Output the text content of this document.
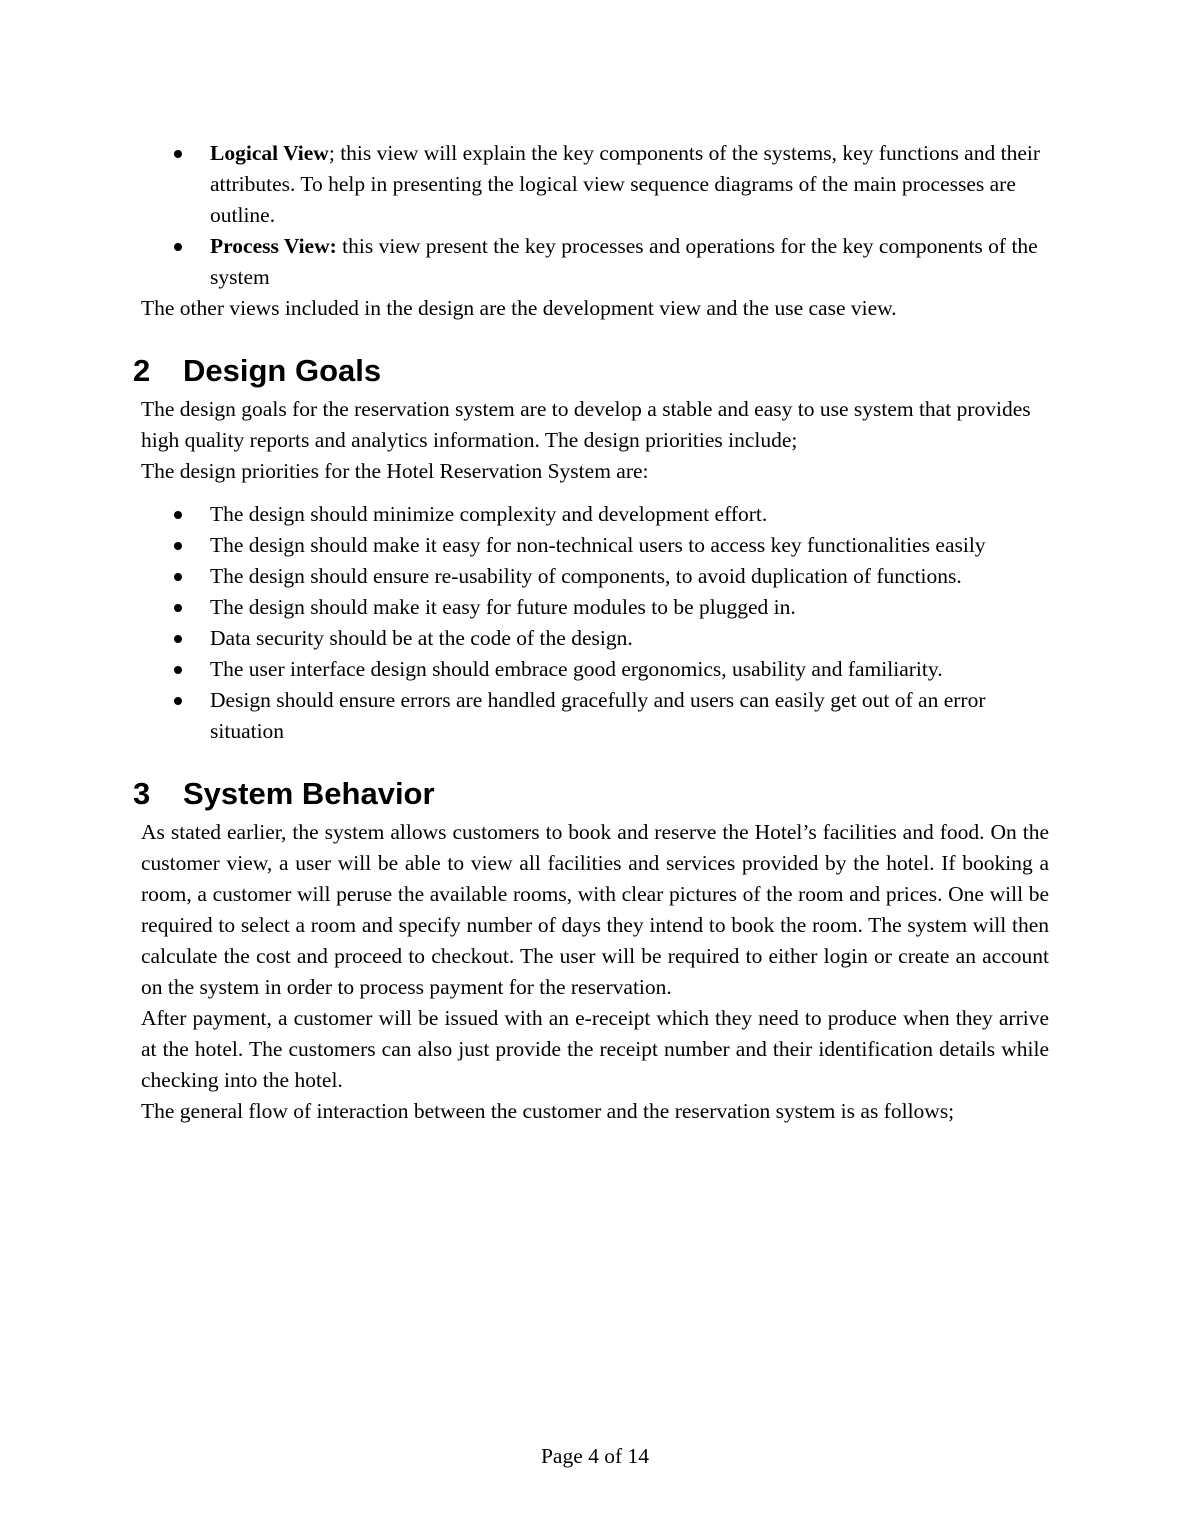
Logical View; this view will explain the key components of the systems, key functions and their attributes. To help in presenting the logical view sequence diagrams of the main processes are outline.
Process View: this view present the key processes and operations for the key components of the system

The other views included in the design are the development view and the use case view.

2 Design Goals

The design goals for the reservation system are to develop a stable and easy to use system that provides high quality reports and analytics information. The design priorities include;

The design priorities for the Hotel Reservation System are:

The design should minimize complexity and development effort.
The design should make it easy for non-technical users to access key functionalities easily
The design should ensure re-usability of components, to avoid duplication of functions.
The design should make it easy for future modules to be plugged in.
Data security should be at the code of the design.
The user interface design should embrace good ergonomics, usability and familiarity.
Design should ensure errors are handled gracefully and users can easily get out of an error situation
3 System Behavior

As stated earlier, the system allows customers to book and reserve the Hotel’s facilities and food. On the customer view, a user will be able to view all facilities and services provided by the hotel. If booking a room, a customer will peruse the available rooms, with clear pictures of the room and prices. One will be required to select a room and specify number of days they intend to book the room. The system will then calculate the cost and proceed to checkout. The user will be required to either login or create an account on the system in order to process payment for the reservation.

After payment, a customer will be issued with an e-receipt which they need to produce when they arrive at the hotel. The customers can also just provide the receipt number and their identification details while checking into the hotel.

The general flow of interaction between the customer and the reservation system is as follows;

Page 4 of 14
